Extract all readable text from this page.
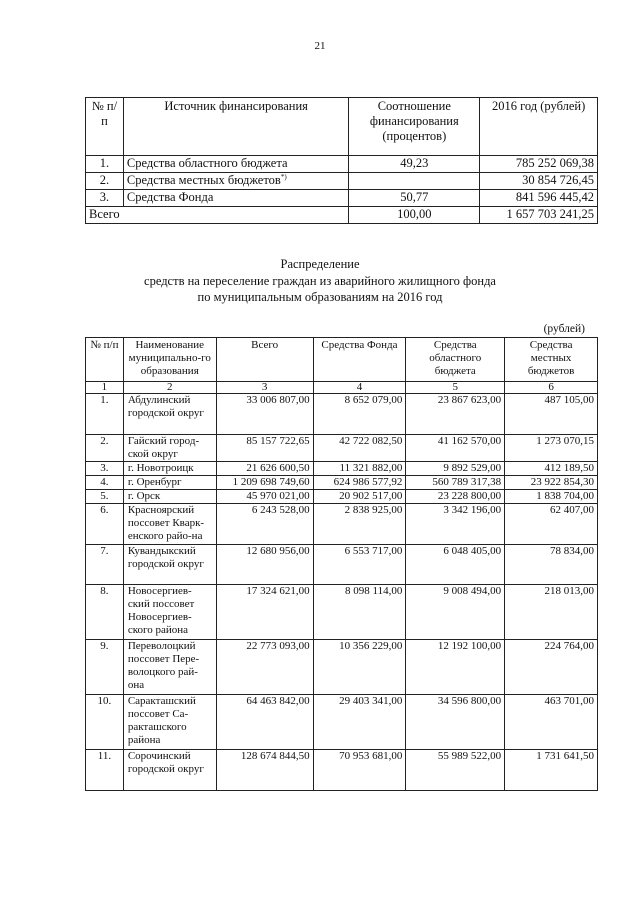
21
№ п/п	Источник финансирования	Соотношение финансирования (процентов)	2016 год (рублей)
1.	Средства областного бюджета	49,23	785 252 069,38
2.	Средства местных бюджетов*)		30 854 726,45
3.	Средства Фонда	50,77	841 596 445,42
Всего		100,00	1 657 703 241,25
Распределение
средств на переселение граждан из аварийного жилищного фонда
по муниципальным образованиям на 2016 год
(рублей)
№ п/п	Наименование муниципально-го образования	Всего	Средства Фонда	Средства областного бюджета	Средства местных бюджетов
1	2	3	4	5	6
1.	Абдулинский городской округ	33 006 807,00	8 652 079,00	23 867 623,00	487 105,00
2.	Гайский город-ской округ	85 157 722,65	42 722 082,50	41 162 570,00	1 273 070,15
3.	г. Новотроицк	21 626 600,50	11 321 882,00	9 892 529,00	412 189,50
4.	г. Оренбург	1 209 698 749,60	624 986 577,92	560 789 317,38	23 922 854,30
5.	г. Орск	45 970 021,00	20 902 517,00	23 228 800,00	1 838 704,00
6.	Красноярский поссовет Кварк-енского райо-на	6 243 528,00	2 838 925,00	3 342 196,00	62 407,00
7.	Кувандыкский городской округ	12 680 956,00	6 553 717,00	6 048 405,00	78 834,00
8.	Новосергиев-ский поссовет Новосергиев-ского района	17 324 621,00	8 098 114,00	9 008 494,00	218 013,00
9.	Переволоцкий поссовет Пере-волоцкого рай-она	22 773 093,00	10 356 229,00	12 192 100,00	224 764,00
10.	Саракташский поссовет Са-ракташского района	64 463 842,00	29 403 341,00	34 596 800,00	463 701,00
11.	Сорочинский городской округ	128 674 844,50	70 953 681,00	55 989 522,00	1 731 641,50
